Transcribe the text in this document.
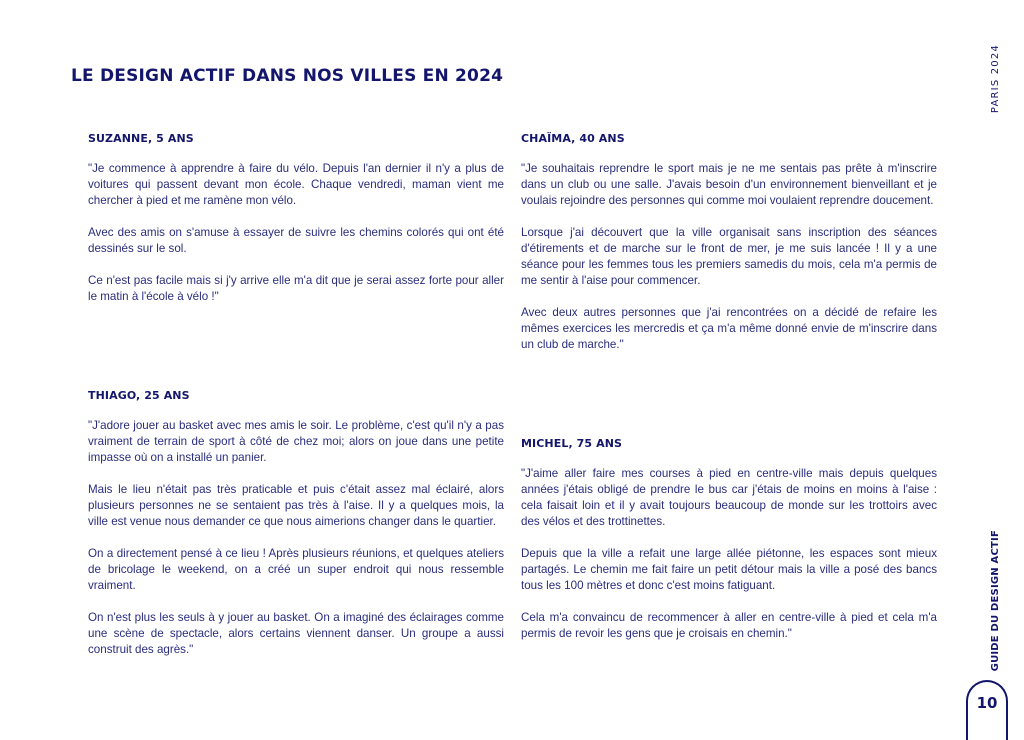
LE DESIGN ACTIF DANS NOS VILLES EN 2024
SUZANNE, 5 ANS

"Je commence à apprendre à faire du vélo. Depuis l'an dernier il n'y a plus de voitures qui passent devant mon école. Chaque vendredi, maman vient me chercher à pied et me ramène mon vélo.

Avec des amis on s'amuse à essayer de suivre les chemins colorés qui ont été dessinés sur le sol.

Ce n'est pas facile mais si j'y arrive elle m'a dit que je serai assez forte pour aller le matin à l'école à vélo !"

CHAÏMA, 40 ANS

"Je souhaitais reprendre le sport mais je ne me sentais pas prête à m'inscrire dans un club ou une salle. J'avais besoin d'un environnement bienveillant et je voulais rejoindre des personnes qui comme moi voulaient reprendre doucement.

Lorsque j'ai découvert que la ville organisait sans inscription des séances d'étirements et de marche sur le front de mer, je me suis lancée ! Il y a une séance pour les femmes tous les premiers samedis du mois, cela m'a permis de me sentir à l'aise pour commencer.

Avec deux autres personnes que j'ai rencontrées on a décidé de refaire les mêmes exercices les mercredis et ça m'a même donné envie de m'inscrire dans un club de marche."

THIAGO, 25 ANS

"J'adore jouer au basket avec mes amis le soir. Le problème, c'est qu'il n'y a pas vraiment de terrain de sport à côté de chez moi; alors on joue dans une petite impasse où on a installé un panier.

Mais le lieu n'était pas très praticable et puis c'était assez mal éclairé, alors plusieurs personnes ne se sentaient pas très à l'aise. Il y a quelques mois, la ville est venue nous demander ce que nous aimerions changer dans le quartier.

On a directement pensé à ce lieu ! Après plusieurs réunions, et quelques ateliers de bricolage le weekend, on a créé un super endroit qui nous ressemble vraiment.

On n'est plus les seuls à y jouer au basket. On a imaginé des éclairages comme une scène de spectacle, alors certains viennent danser. Un groupe a aussi construit des agrès."

MICHEL, 75 ANS

"J'aime aller faire mes courses à pied en centre-ville mais depuis quelques années j'étais obligé de prendre le bus car j'étais de moins en moins à l'aise : cela faisait loin et il y avait toujours beaucoup de monde sur les trottoirs avec des vélos et des trottinettes.

Depuis que la ville a refait une large allée piétonne, les espaces sont mieux partagés. Le chemin me fait faire un petit détour mais la ville a posé des bancs tous les 100 mètres et donc c'est moins fatiguant.

Cela m'a convaincu de recommencer à aller en centre-ville à pied et cela m'a permis de revoir les gens que je croisais en chemin."

PARIS 2024
GUIDE DU DESIGN ACTIF
10
